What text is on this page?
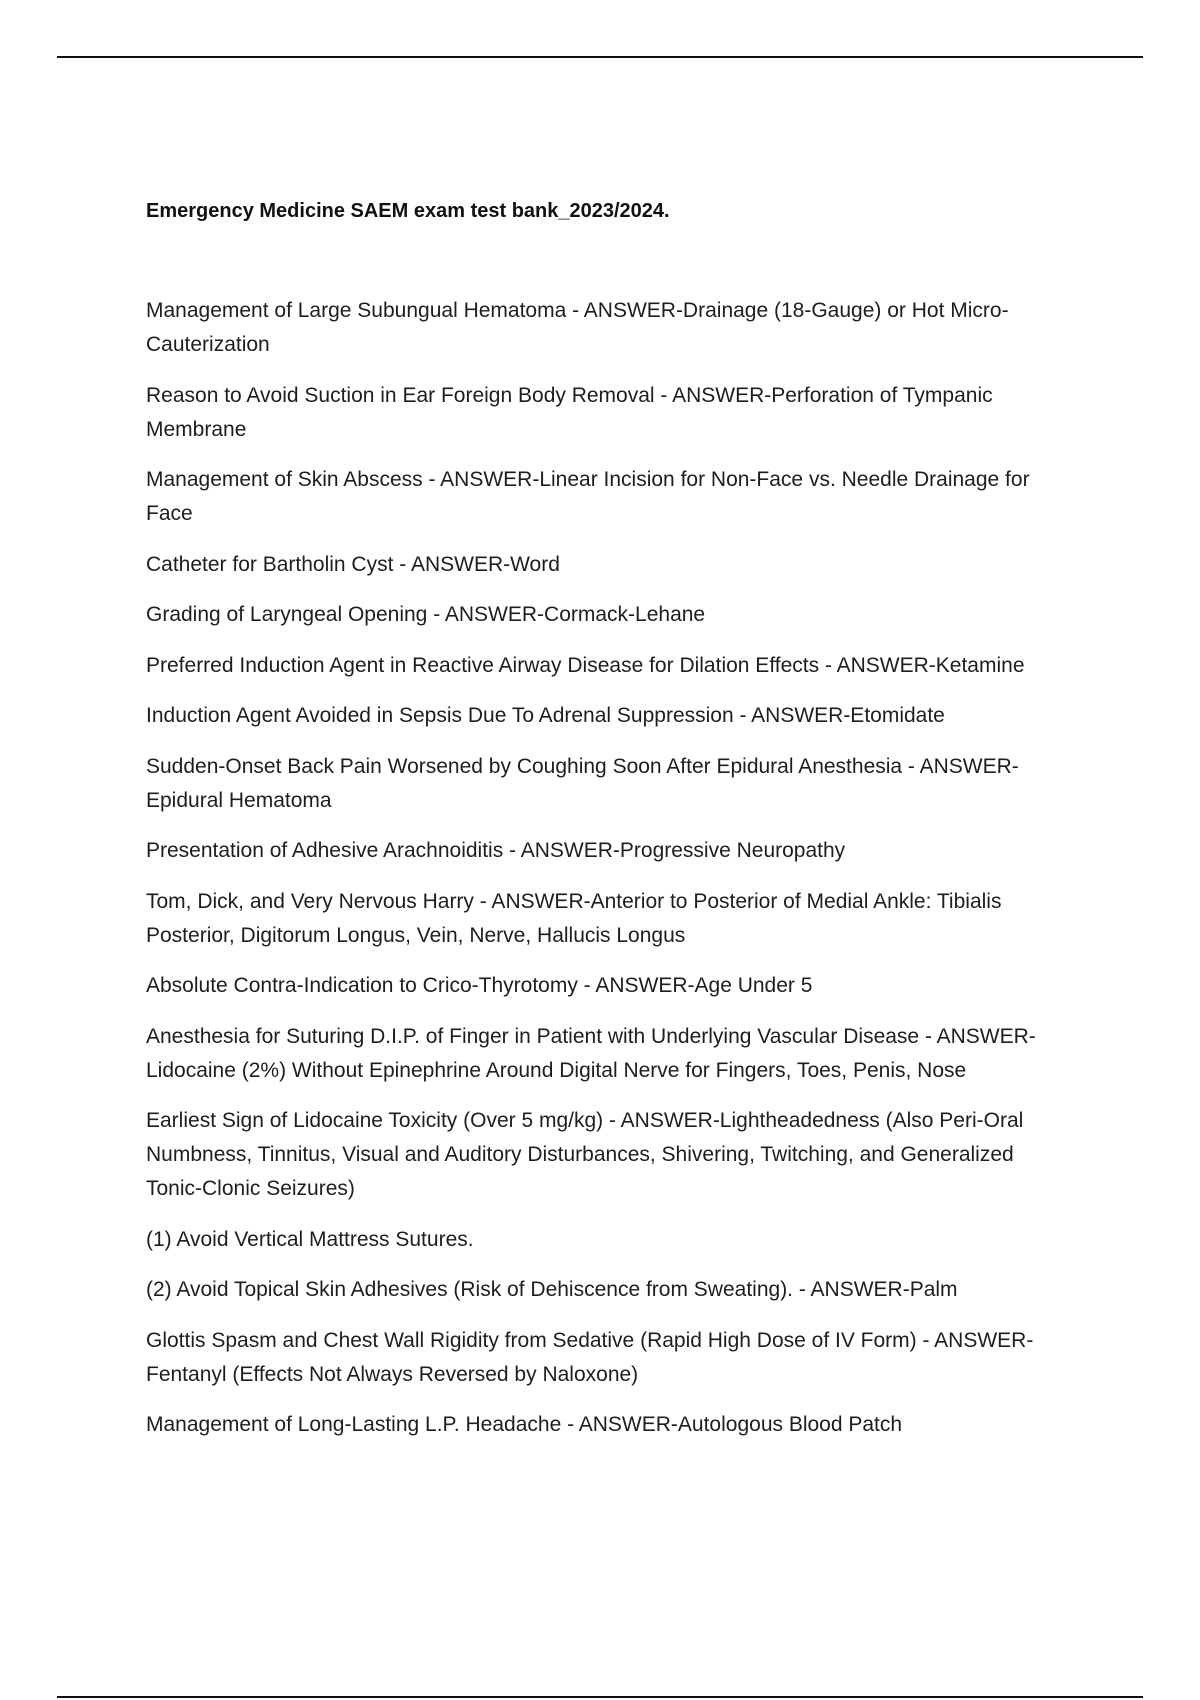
Emergency Medicine SAEM exam test bank_2023/2024.
Management of Large Subungual Hematoma - ANSWER-Drainage (18-Gauge) or Hot Micro-Cauterization
Reason to Avoid Suction in Ear Foreign Body Removal - ANSWER-Perforation of Tympanic Membrane
Management of Skin Abscess - ANSWER-Linear Incision for Non-Face vs. Needle Drainage for Face
Catheter for Bartholin Cyst - ANSWER-Word
Grading of Laryngeal Opening - ANSWER-Cormack-Lehane
Preferred Induction Agent in Reactive Airway Disease for Dilation Effects - ANSWER-Ketamine
Induction Agent Avoided in Sepsis Due To Adrenal Suppression - ANSWER-Etomidate
Sudden-Onset Back Pain Worsened by Coughing Soon After Epidural Anesthesia - ANSWER-Epidural Hematoma
Presentation of Adhesive Arachnoiditis - ANSWER-Progressive Neuropathy
Tom, Dick, and Very Nervous Harry - ANSWER-Anterior to Posterior of Medial Ankle: Tibialis Posterior, Digitorum Longus, Vein, Nerve, Hallucis Longus
Absolute Contra-Indication to Crico-Thyrotomy - ANSWER-Age Under 5
Anesthesia for Suturing D.I.P. of Finger in Patient with Underlying Vascular Disease - ANSWER-Lidocaine (2%) Without Epinephrine Around Digital Nerve for Fingers, Toes, Penis, Nose
Earliest Sign of Lidocaine Toxicity (Over 5 mg/kg) - ANSWER-Lightheadedness (Also Peri-Oral Numbness, Tinnitus, Visual and Auditory Disturbances, Shivering, Twitching, and Generalized Tonic-Clonic Seizures)
(1) Avoid Vertical Mattress Sutures.
(2) Avoid Topical Skin Adhesives (Risk of Dehiscence from Sweating). - ANSWER-Palm
Glottis Spasm and Chest Wall Rigidity from Sedative (Rapid High Dose of IV Form) - ANSWER-Fentanyl (Effects Not Always Reversed by Naloxone)
Management of Long-Lasting L.P. Headache - ANSWER-Autologous Blood Patch
